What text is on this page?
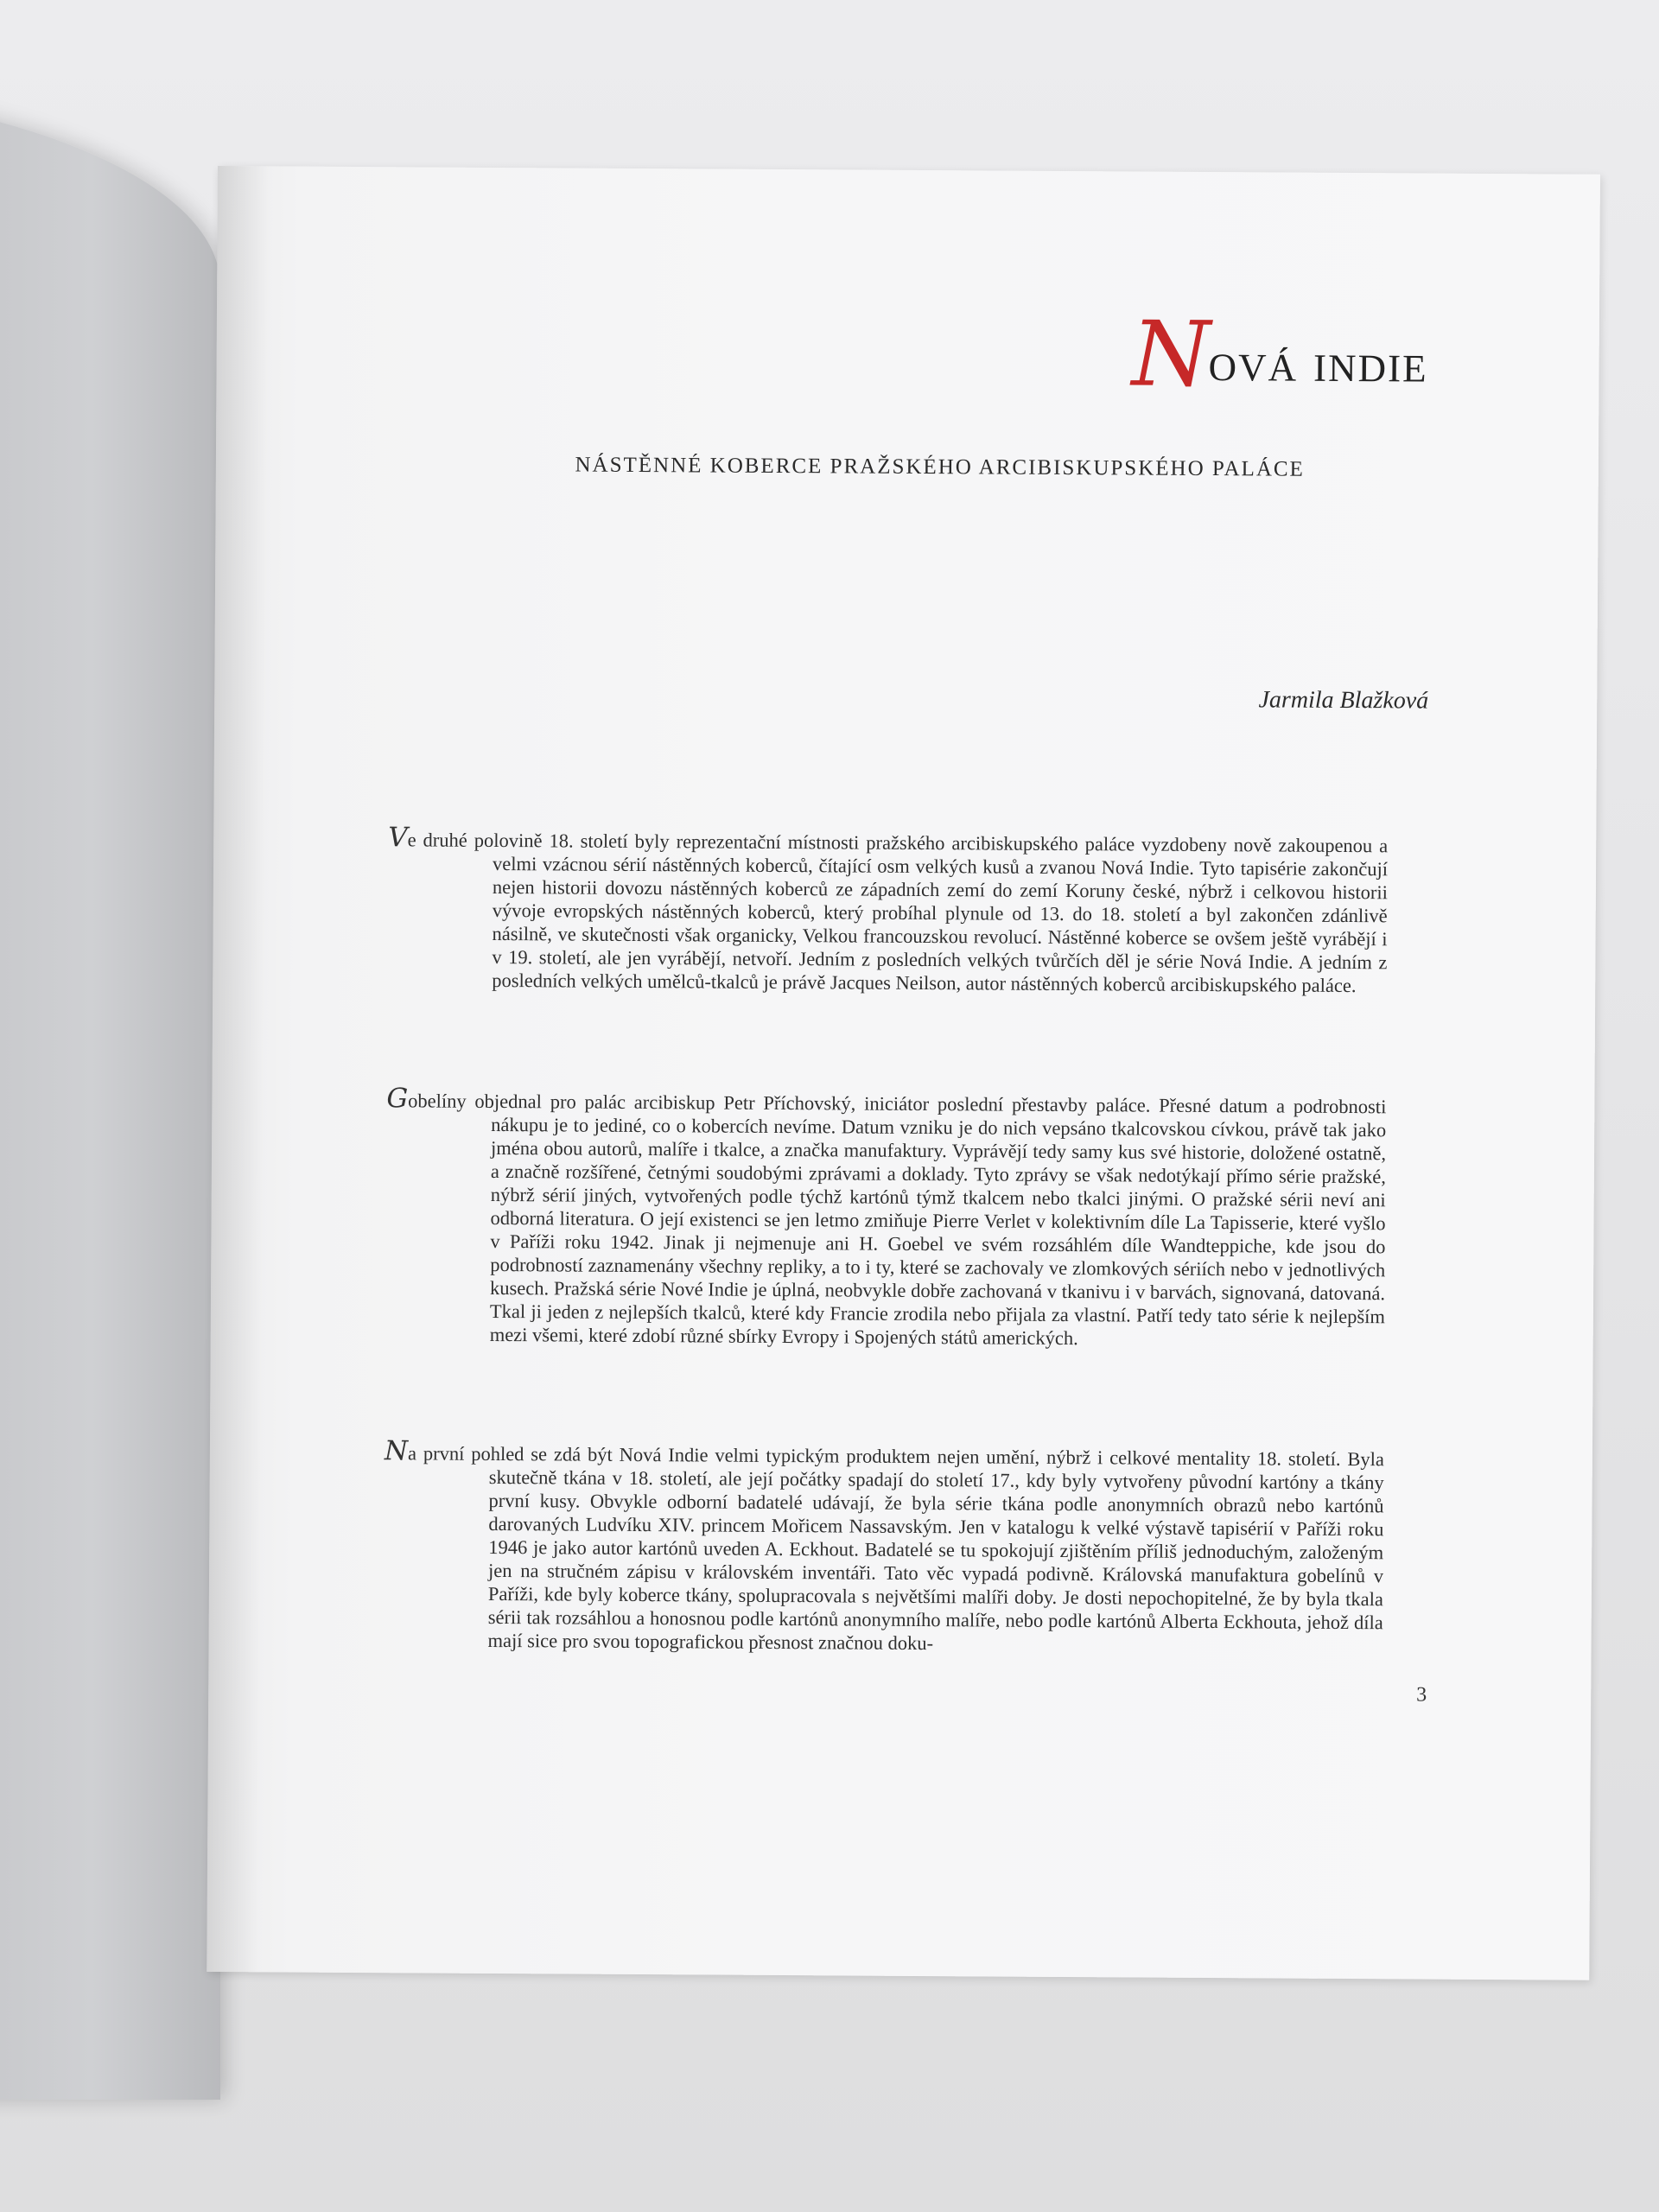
Nová indie

NÁSTĚNNÉ KOBERCE PRAŽSKÉHO ARCIBISKUPSKÉHO PALÁCE

Jarmila Blažková

Ve druhé polovině 18. století byly reprezentační místnosti pražského arcibiskupského paláce vyzdobeny nově zakoupenou a velmi vzácnou sérií nástěnných koberců, čítající osm velkých kusů a zvanou Nová Indie. Tyto tapisérie zakončují nejen historii dovozu nástěnných koberců ze západních zemí do zemí Koruny české, nýbrž i celkovou historii vývoje evropských nástěnných koberců, který probíhal plynule od 13. do 18. století a byl zakončen zdánlivě násilně, ve skutečnosti však organicky, Velkou francouzskou revolucí. Nástěnné koberce se ovšem ještě vyrábějí i v 19. století, ale jen vyrábějí, netvoří. Jedním z posledních velkých tvůrčích děl je série Nová Indie. A jedním z posledních velkých umělců-tkalců je právě Jacques Neilson, autor nástěnných koberců arcibiskupského paláce.

Gobelíny objednal pro palác arcibiskup Petr Příchovský, iniciátor poslední přestavby paláce. Přesné datum a podrobnosti nákupu je to jediné, co o kobercích nevíme. Datum vzniku je do nich vepsáno tkalcovskou cívkou, právě tak jako jména obou autorů, malíře i tkalce, a značka manufaktury. Vyprávějí tedy samy kus své historie, doložené ostatně, a značně rozšířené, četnými soudobými zprávami a doklady. Tyto zprávy se však nedotýkají přímo série pražské, nýbrž sérií jiných, vytvořených podle týchž kartónů týmž tkalcem nebo tkalci jinými. O pražské sérii neví ani odborná literatura. O její existenci se jen letmo zmiňuje Pierre Verlet v kolektivním díle La Tapisserie, které vyšlo v Paříži roku 1942. Jinak ji nejmenuje ani H. Goebel ve svém rozsáhlém díle Wandteppiche, kde jsou do podrobností zaznamenány všechny repliky, a to i ty, které se zachovaly ve zlomkových sériích nebo v jednotlivých kusech. Pražská série Nové Indie je úplná, neobvykle dobře zachovaná v tkanivu i v barvách, signovaná, datovaná. Tkal ji jeden z nejlepších tkalců, které kdy Francie zrodila nebo přijala za vlastní. Patří tedy tato série k nejlepším mezi všemi, které zdobí různé sbírky Evropy i Spojených států amerických.

Na první pohled se zdá být Nová Indie velmi typickým produktem nejen umění, nýbrž i celkové mentality 18. století. Byla skutečně tkána v 18. století, ale její počátky spadají do století 17., kdy byly vytvořeny původní kartóny a tkány první kusy. Obvykle odborní badatelé udávají, že byla série tkána podle anonymních obrazů nebo kartónů darovaných Ludvíku XIV. princem Mořicem Nassavským. Jen v katalogu k velké výstavě tapisérií v Paříži roku 1946 je jako autor kartónů uveden A. Eckhout. Badatelé se tu spokojují zjištěním příliš jednoduchým, založeným jen na stručném zápisu v královském inventáři. Tato věc vypadá podivně. Královská manufaktura gobelínů v Paříži, kde byly koberce tkány, spolupracovala s největšími malíři doby. Je dosti nepochopitelné, že by byla tkala sérii tak rozsáhlou a honosnou podle kartónů anonymního malíře, nebo podle kartónů Alberta Eckhouta, jehož díla mají sice pro svou topografickou přesnost značnou doku-

3
